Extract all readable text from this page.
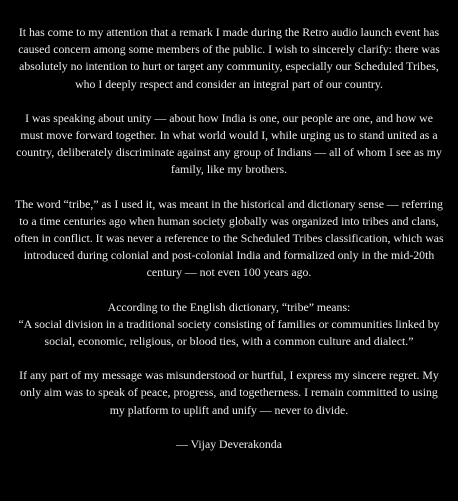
It has come to my attention that a remark I made during the Retro audio launch event has caused concern among some members of the public. I wish to sincerely clarify: there was absolutely no intention to hurt or target any community, especially our Scheduled Tribes, who I deeply respect and consider an integral part of our country.

I was speaking about unity — about how India is one, our people are one, and how we must move forward together. In what world would I, while urging us to stand united as a country, deliberately discriminate against any group of Indians — all of whom I see as my family, like my brothers.

The word “tribe,” as I used it, was meant in the historical and dictionary sense — referring to a time centuries ago when human society globally was organized into tribes and clans, often in conflict. It was never a reference to the Scheduled Tribes classification, which was introduced during colonial and post-colonial India and formalized only in the mid-20th century — not even 100 years ago.

According to the English dictionary, “tribe” means:

“A social division in a traditional society consisting of families or communities linked by social, economic, religious, or blood ties, with a common culture and dialect.”

If any part of my message was misunderstood or hurtful, I express my sincere regret. My only aim was to speak of peace, progress, and togetherness. I remain committed to using my platform to uplift and unify — never to divide.

— Vijay Deverakonda
